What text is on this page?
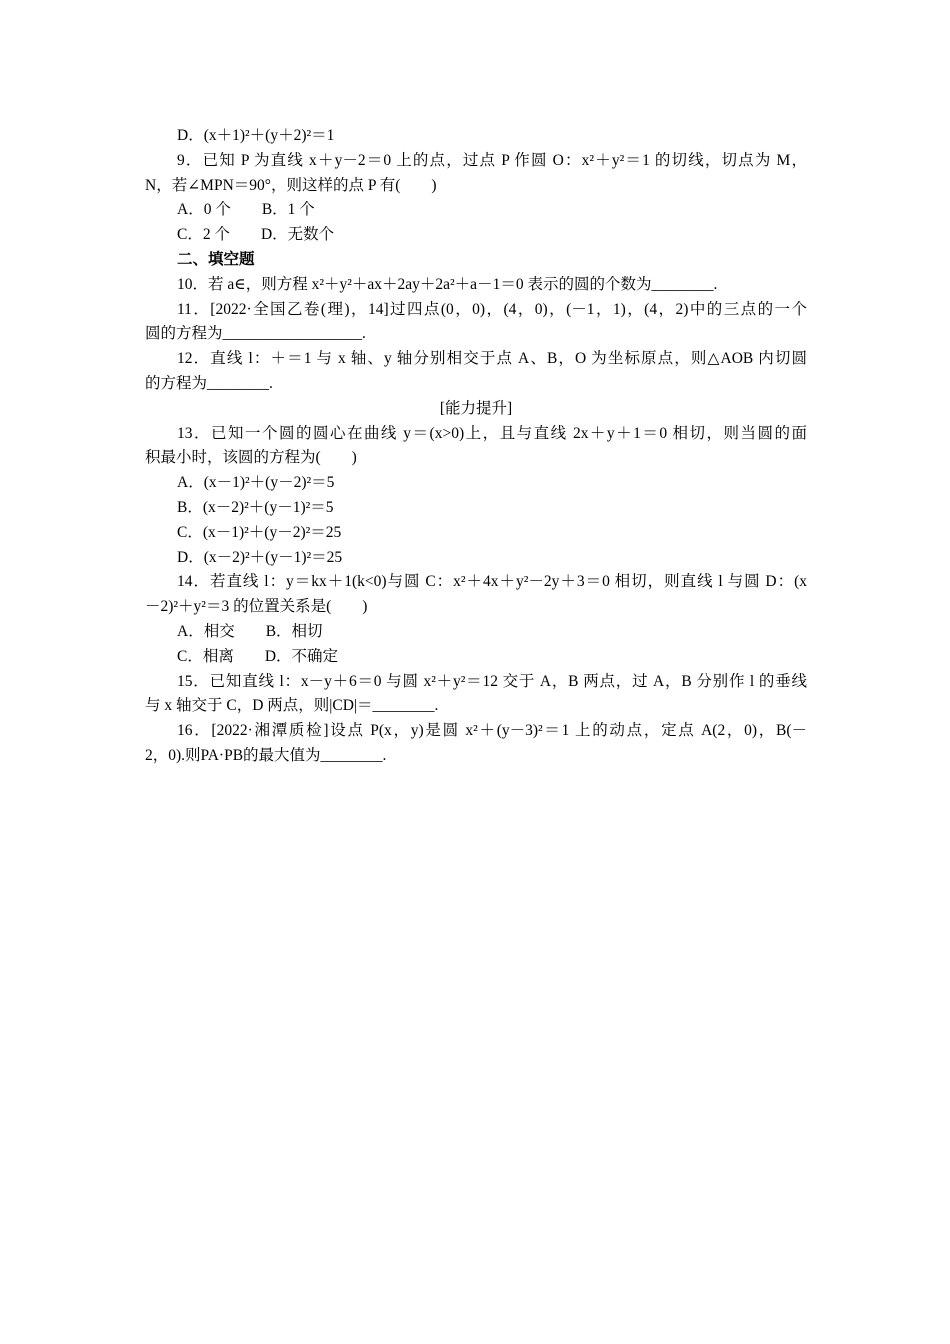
D．(x＋1)²＋(y＋2)²＝1

9．已知 P 为直线 x＋y－2＝0 上的点，过点 P 作圆 O：x²＋y²＝1 的切线，切点为 M，

N，若∠MPN＝90°，则这样的点 P 有(　　)

A．0 个　　B．1 个

C．2 个　　D．无数个

二、填空题

10．若 a∈，则方程 x²＋y²＋ax＋2ay＋2a²＋a－1＝0 表示的圆的个数为________.

11．[2022·全国乙卷(理)，14]过四点(0，0)，(4，0)，(－1，1)，(4，2)中的三点的一个

圆的方程为__________________.

12．直线 l：＋＝1 与 x 轴、y 轴分别相交于点 A、B，O 为坐标原点，则△AOB 内切圆

的方程为________.

[能力提升]

13．已知一个圆的圆心在曲线 y＝(x>0)上，且与直线 2x＋y＋1＝0 相切，则当圆的面

积最小时，该圆的方程为(　　)

A．(x－1)²＋(y－2)²＝5

B．(x－2)²＋(y－1)²＝5

C．(x－1)²＋(y－2)²＝25

D．(x－2)²＋(y－1)²＝25

14．若直线 l：y＝kx＋1(k<0)与圆 C：x²＋4x＋y²－2y＋3＝0 相切，则直线 l 与圆 D：(x

－2)²＋y²＝3 的位置关系是(　　)

A．相交　　B．相切

C．相离　　D．不确定

15．已知直线 l：x－y＋6＝0 与圆 x²＋y²＝12 交于 A，B 两点，过 A，B 分别作 l 的垂线

与 x 轴交于 C，D 两点，则|CD|＝________.

16．[2022·湘潭质检]设点 P(x，y)是圆 x²＋(y－3)²＝1 上的动点，定点 A(2，0)，B(－

2，0).则PA·PB的最大值为________.
